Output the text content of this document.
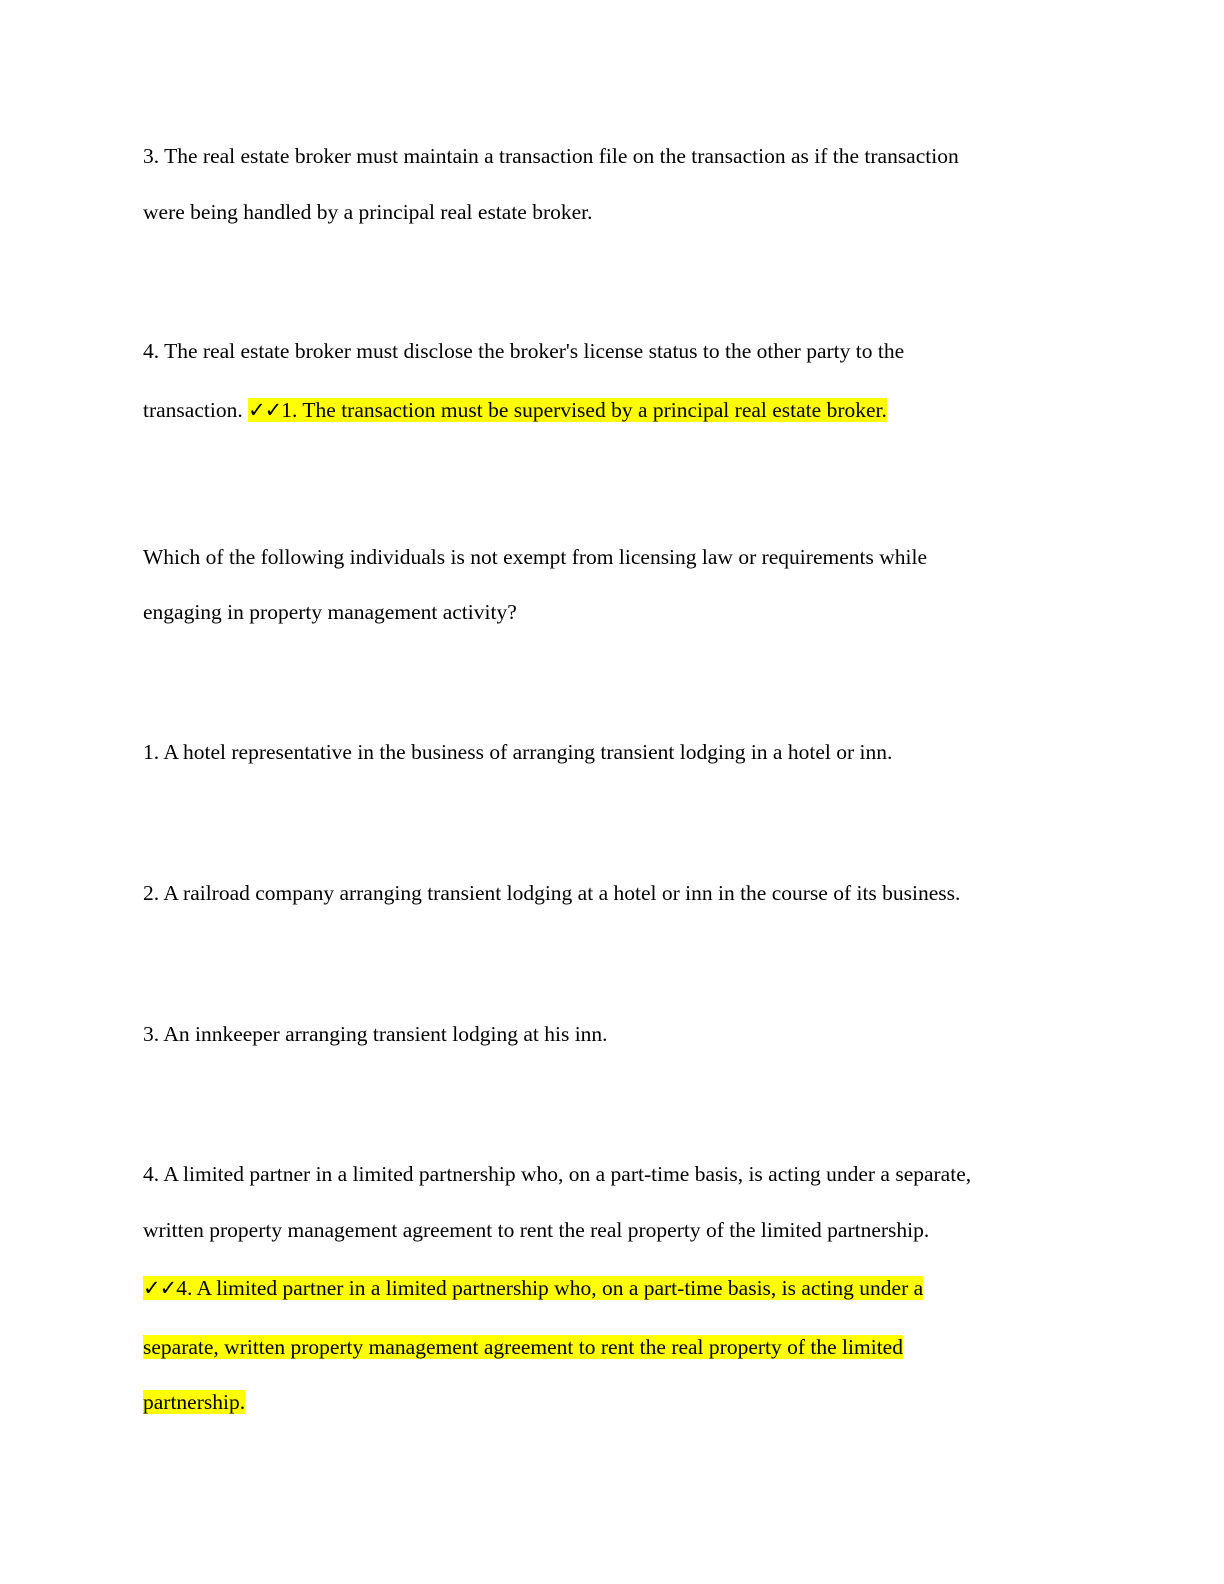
3. The real estate broker must maintain a transaction file on the transaction as if the transaction
were being handled by a principal real estate broker.
4. The real estate broker must disclose the broker's license status to the other party to the
transaction. ✓✓1. The transaction must be supervised by a principal real estate broker.
Which of the following individuals is not exempt from licensing law or requirements while
engaging in property management activity?
1. A hotel representative in the business of arranging transient lodging in a hotel or inn.
2. A railroad company arranging transient lodging at a hotel or inn in the course of its business.
3. An innkeeper arranging transient lodging at his inn.
4. A limited partner in a limited partnership who, on a part-time basis, is acting under a separate,
written property management agreement to rent the real property of the limited partnership.
✓✓4. A limited partner in a limited partnership who, on a part-time basis, is acting under a
separate, written property management agreement to rent the real property of the limited
partnership.
